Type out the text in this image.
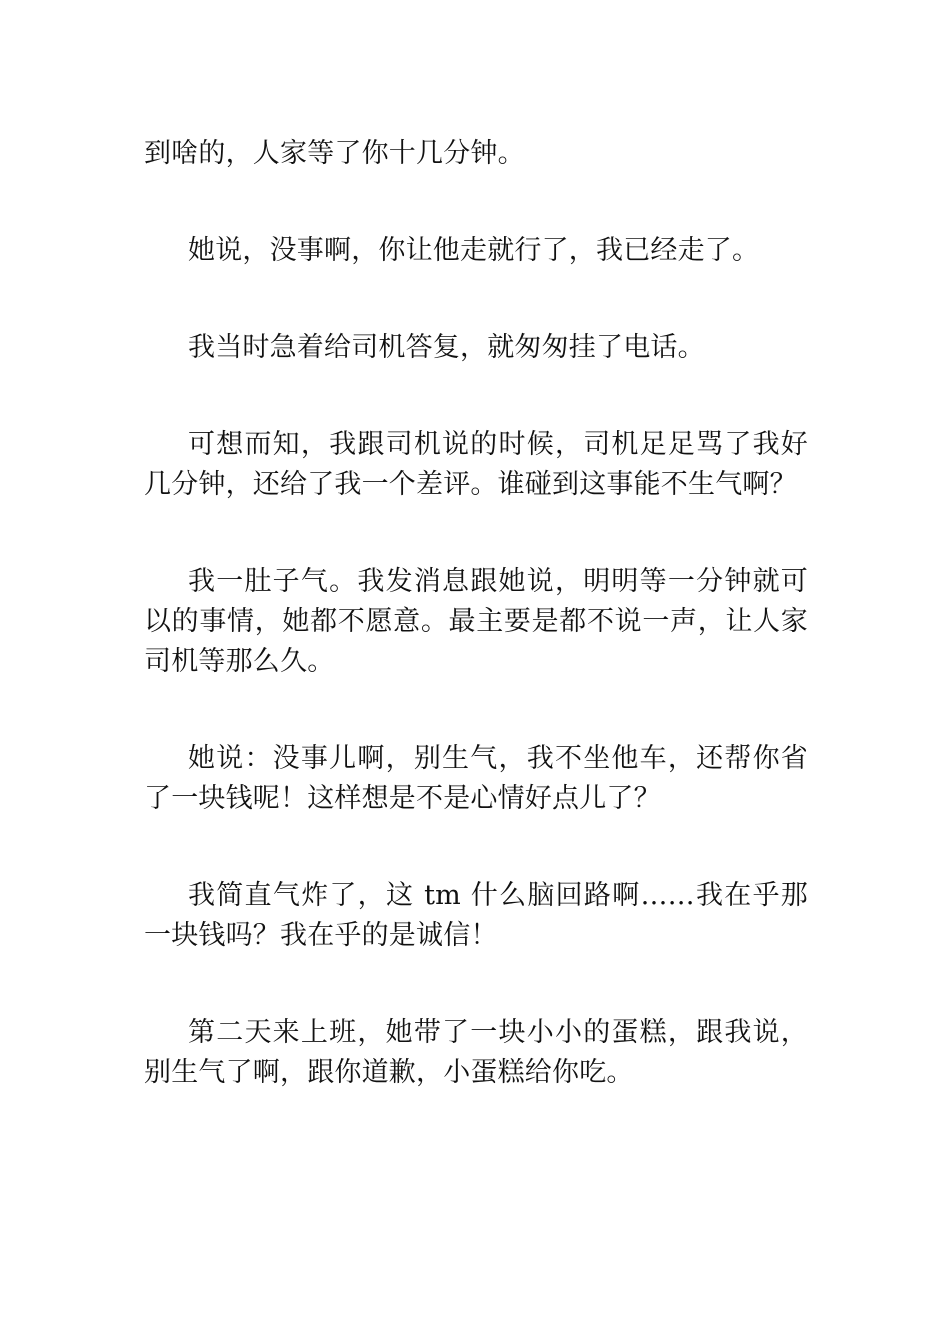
到啥的，人家等了你十几分钟。

她说，没事啊，你让他走就行了，我已经走了。

我当时急着给司机答复，就匆匆挂了电话。

可想而知，我跟司机说的时候，司机足足骂了我好几分钟，还给了我一个差评。谁碰到这事能不生气啊？

我一肚子气。我发消息跟她说，明明等一分钟就可以的事情，她都不愿意。最主要是都不说一声，让人家司机等那么久。

她说：没事儿啊，别生气，我不坐他车，还帮你省了一块钱呢！这样想是不是心情好点儿了？

我简直气炸了，这 tm 什么脑回路啊……我在乎那一块钱吗？我在乎的是诚信！

第二天来上班，她带了一块小小的蛋糕，跟我说，别生气了啊，跟你道歉，小蛋糕给你吃。
